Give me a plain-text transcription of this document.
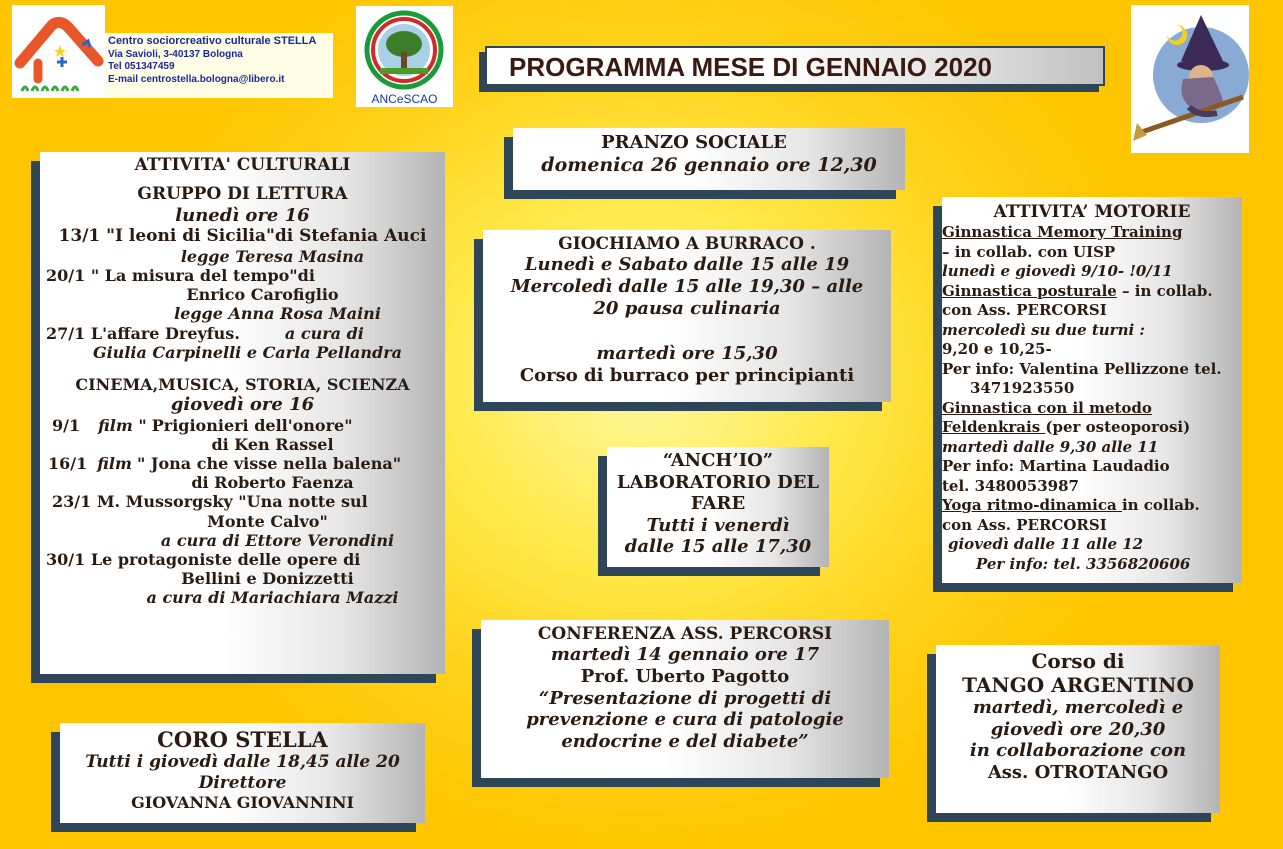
Centro sociorcreativo culturale STELLA
Via Savioli, 3-40137 Bologna
Tel 051347459
E-mail centrostella.bologna@libero.it
ANCeSCAO
PROGRAMMA MESE DI GENNAIO 2020
ATTIVITA' CULTURALI
GRUPPO DI LETTURA
lunedì ore 16
13/1 "I leoni di Sicilia"di Stefania Auci
legge Teresa Masina
20/1 " La misura del tempo"di
Enrico Carofiglio
legge Anna Rosa Maini
27/1 L'affare Dreyfus.	a cura di
Giulia Carpinelli e Carla Pellandra
CINEMA,MUSICA, STORIA, SCIENZA
giovedì ore 16
9/1 film " Prigionieri dell'onore"
di Ken Rassel
16/1 film " Jona che visse nella balena"
di Roberto Faenza
23/1 M. Mussorgsky "Una notte sul
Monte Calvo"
a cura di Ettore Verondini
30/1 Le protagoniste delle opere di
Bellini e Donizzetti
a cura di Mariachiara Mazzi
CORO STELLA
Tutti i giovedì dalle 18,45 alle 20
Direttore
GIOVANNA GIOVANNINI
PRANZO SOCIALE
domenica 26 gennaio ore 12,30
GIOCHIAMO A BURRACO .
Lunedì e Sabato dalle 15 alle 19
Mercoledì dalle 15 alle 19,30 – alle
20 pausa culinaria
martedì ore 15,30
Corso di burraco per principianti
“ANCH’IO”
LABORATORIO DEL
FARE
Tutti i venerdì
dalle 15 alle 17,30
CONFERENZA ASS. PERCORSI
martedì 14 gennaio ore 17
Prof. Uberto Pagotto
“Presentazione di progetti di
prevenzione e cura di patologie
endocrine e del diabete”
ATTIVITA’ MOTORIE
Ginnastica Memory Training
– in collab. con UISP
lunedì e giovedì 9/10- !0/11
Ginnastica posturale – in collab.
con Ass. PERCORSI
mercoledì su due turni :
9,20 e 10,25-
Per info: Valentina Pellizzone tel.
3471923550
Ginnastica con il metodo
Feldenkrais (per osteoporosi)
martedì dalle 9,30 alle 11
Per info: Martina Laudadio
tel. 3480053987
Yoga ritmo-dinamica in collab.
con Ass. PERCORSI
giovedì dalle 11 alle 12
Per info: tel. 3356820606
Corso di
TANGO ARGENTINO
martedì, mercoledì e
giovedì ore 20,30
in collaborazione con
Ass. OTROTANGO
